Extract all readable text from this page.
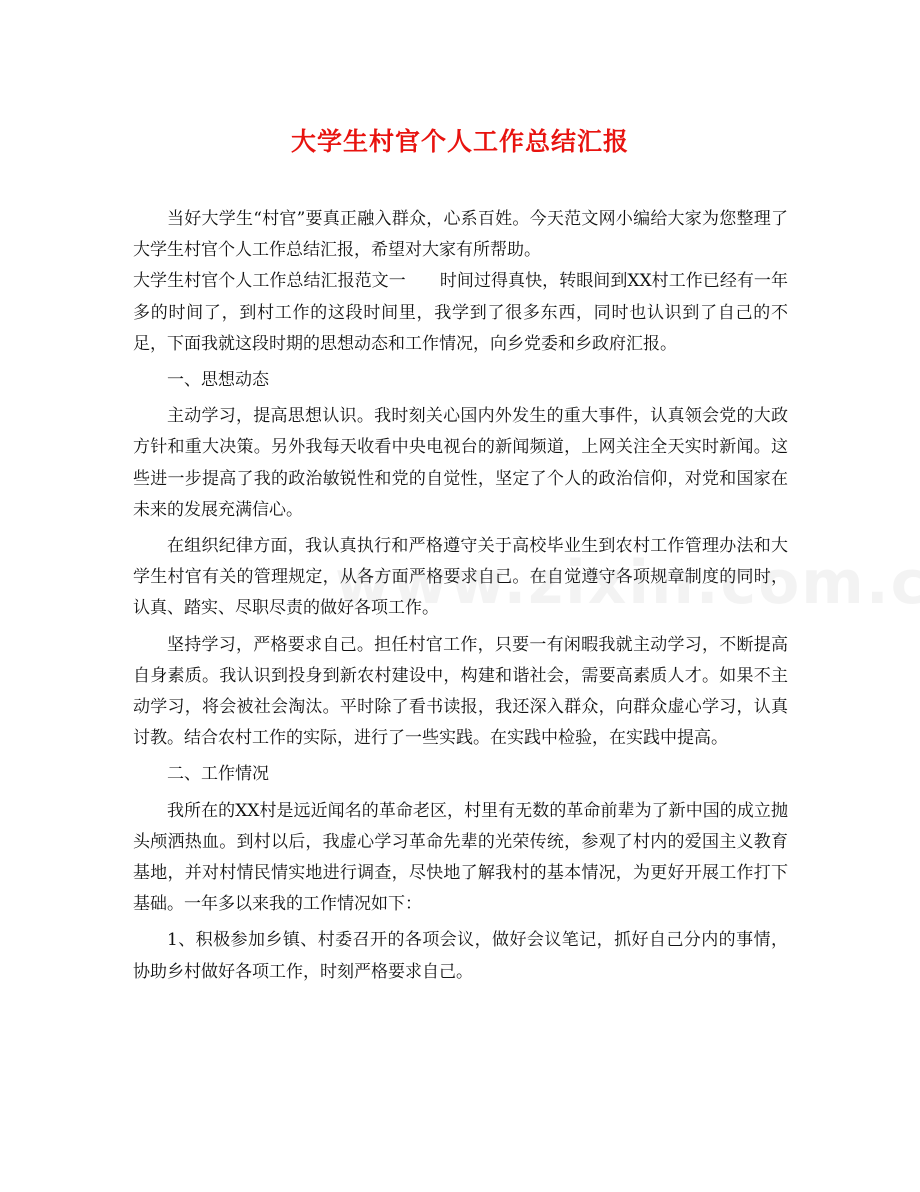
大学生村官个人工作总结汇报

当好大学生“村官”要真正融入群众，心系百姓。今天范文网小编给大家为您整理了大学生村官个人工作总结汇报，希望对大家有所帮助。

大学生村官个人工作总结汇报范文一　　时间过得真快，转眼间到XX村工作已经有一年多的时间了，到村工作的这段时间里，我学到了很多东西，同时也认识到了自己的不足，下面我就这段时期的思想动态和工作情况，向乡党委和乡政府汇报。

一、思想动态

主动学习，提高思想认识。我时刻关心国内外发生的重大事件，认真领会党的大政方针和重大决策。另外我每天收看中央电视台的新闻频道，上网关注全天实时新闻。这些进一步提高了我的政治敏锐性和党的自觉性，坚定了个人的政治信仰，对党和国家在未来的发展充满信心。

在组织纪律方面，我认真执行和严格遵守关于高校毕业生到农村工作管理办法和大学生村官有关的管理规定，从各方面严格要求自己。在自觉遵守各项规章制度的同时，认真、踏实、尽职尽责的做好各项工作。

坚持学习，严格要求自己。担任村官工作，只要一有闲暇我就主动学习，不断提高自身素质。我认识到投身到新农村建设中，构建和谐社会，需要高素质人才。如果不主动学习，将会被社会淘汰。平时除了看书读报，我还深入群众，向群众虚心学习，认真讨教。结合农村工作的实际，进行了一些实践。在实践中检验，在实践中提高。

二、工作情况

我所在的XX村是远近闻名的革命老区，村里有无数的革命前辈为了新中国的成立抛头颅洒热血。到村以后，我虚心学习革命先辈的光荣传统，参观了村内的爱国主义教育基地，并对村情民情实地进行调查，尽快地了解我村的基本情况，为更好开展工作打下基础。一年多以来我的工作情况如下：

1、积极参加乡镇、村委召开的各项会议，做好会议笔记，抓好自己分内的事情，协助乡村做好各项工作，时刻严格要求自己。
